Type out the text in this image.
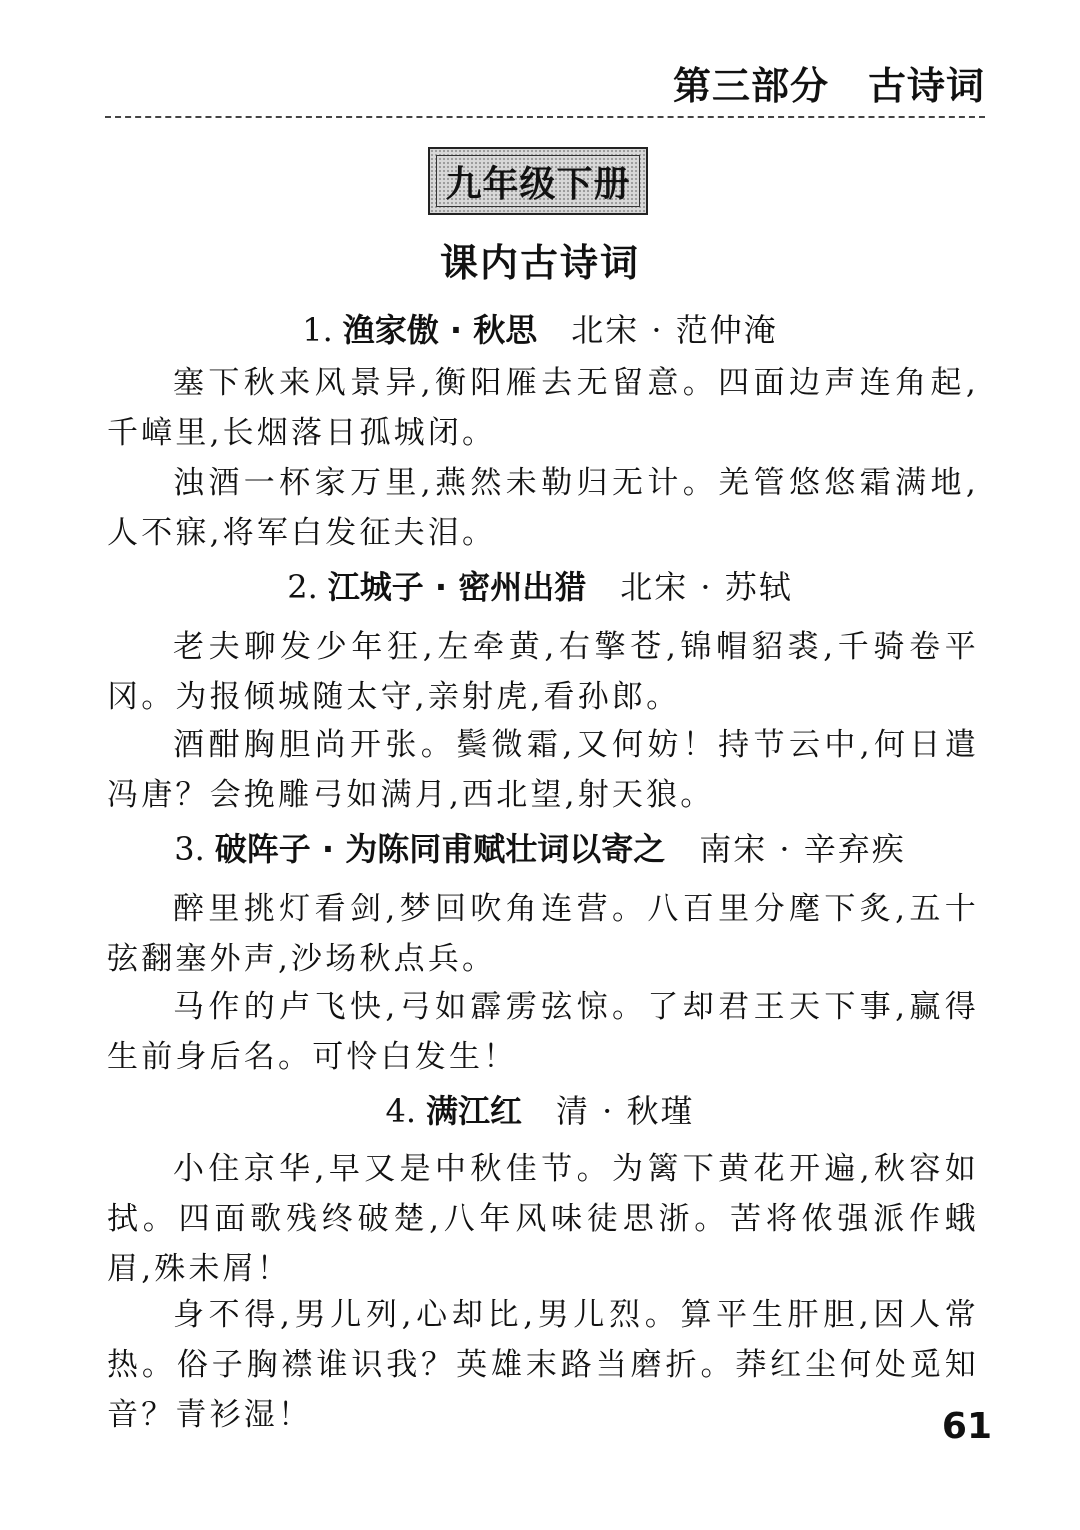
第三部分　古诗词
九年级下册
课内古诗词
1. 渔家傲 · 秋思 北宋 · 范仲淹

塞下秋来风景异,衡阳雁去无留意。四面边声连角起,千嶂里,长烟落日孤城闭。

浊酒一杯家万里,燕然未勒归无计。羌管悠悠霜满地,人不寐,将军白发征夫泪。

2. 江城子 · 密州出猎 北宋 · 苏轼

老夫聊发少年狂,左牵黄,右擎苍,锦帽貂裘,千骑卷平冈。为报倾城随太守,亲射虎,看孙郎。

酒酣胸胆尚开张。鬓微霜,又何妨！持节云中,何日遣冯唐？会挽雕弓如满月,西北望,射天狼。

3. 破阵子 · 为陈同甫赋壮词以寄之 南宋 · 辛弃疾

醉里挑灯看剑,梦回吹角连营。八百里分麾下炙,五十弦翻塞外声,沙场秋点兵。

马作的卢飞快,弓如霹雳弦惊。了却君王天下事,赢得生前身后名。可怜白发生！

4. 满江红 清 · 秋瑾

小住京华,早又是中秋佳节。为篱下黄花开遍,秋容如拭。四面歌残终破楚,八年风味徒思浙。苦将侬强派作蛾眉,殊未屑！

身不得,男儿列,心却比,男儿烈。算平生肝胆,因人常热。俗子胸襟谁识我？英雄末路当磨折。莽红尘何处觅知音？青衫湿！	61
